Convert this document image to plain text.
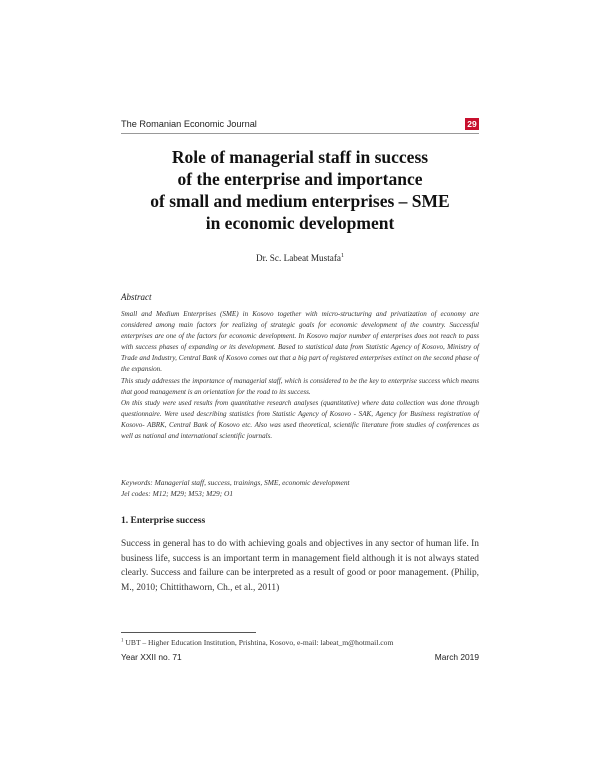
The Romanian Economic Journal	29
Role of managerial staff in success
of the enterprise and importance
of small and medium enterprises – SME
in economic development
Dr. Sc. Labeat Mustafa$^1$
Abstract

Small and Medium Enterprises (SME) in Kosovo together with micro-structuring and privatization of economy are considered among main factors for realizing of strategic goals for economic development of the country. Successful enterprises are one of the factors for economic development. In Kosovo major number of enterprises does not reach to pass with success phases of expanding or its development. Based to statistical data from Statistic Agency of Kosovo, Ministry of Trade and Industry, Central Bank of Kosovo comes out that a big part of registered enterprises extinct on the second phase of the expansion.

This study addresses the importance of managerial staff, which is considered to be the key to enterprise success which means that good management is an orientation for the road to its success.

On this study were used results from quantitative research analyses (quantitative) where data collection was done through questionnaire. Were used describing statistics from Statistic Agency of Kosovo - SAK, Agency for Business registration of Kosovo- ABRK, Central Bank of Kosovo etc. Also was used theoretical, scientific literature from studies of conferences as well as national and international scientific journals.

Keywords: Managerial staff, success, trainings, SME, economic development
Jel codes: M12; M29; M53; M29; O1
1. Enterprise success
Success in general has to do with achieving goals and objectives in any sector of human life. In business life, success is an important term in management field although it is not always stated clearly. Success and failure can be interpreted as a result of good or poor management. (Philip, M., 2010; Chittithaworn, Ch., et al., 2011)
$^1$ UBT – Higher Education Institution, Prishtina, Kosovo, e-mail: labeat_m@hotmail.com
Year XXII no. 71	March 2019
